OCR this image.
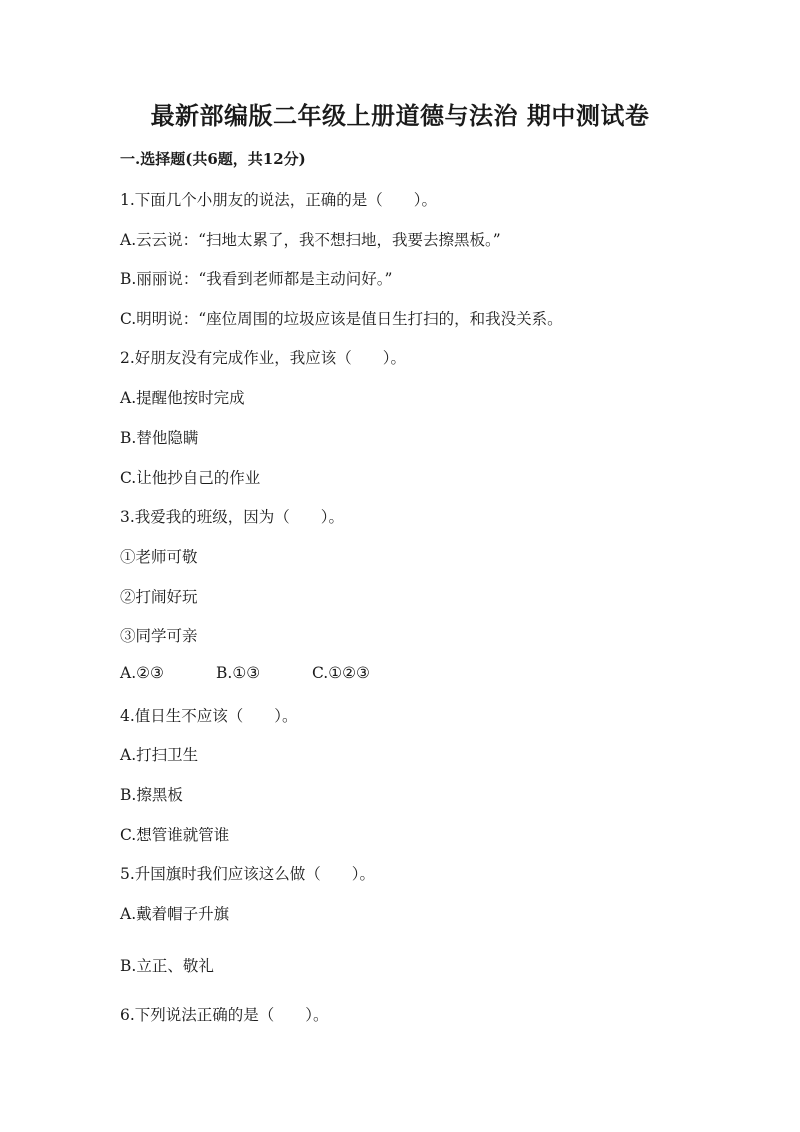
最新部编版二年级上册道德与法治 期中测试卷
一.选择题(共6题，共12分)
1.下面几个小朋友的说法，正确的是（　　）。
A.云云说：“扫地太累了，我不想扫地，我要去擦黑板。”
B.丽丽说：“我看到老师都是主动问好。”
C.明明说：“座位周围的垃圾应该是值日生打扫的，和我没关系。
2.好朋友没有完成作业，我应该（　　）。
A.提醒他按时完成
B.替他隐瞒
C.让他抄自己的作业
3.我爱我的班级，因为（　　）。
①老师可敬
②打闹好玩
③同学可亲
A.②③	B.①③	C.①②③
4.值日生不应该（　　）。
A.打扫卫生
B.擦黑板
C.想管谁就管谁
5.升国旗时我们应该这么做（　　）。
A.戴着帽子升旗
B.立正、敬礼
6.下列说法正确的是（　　）。
